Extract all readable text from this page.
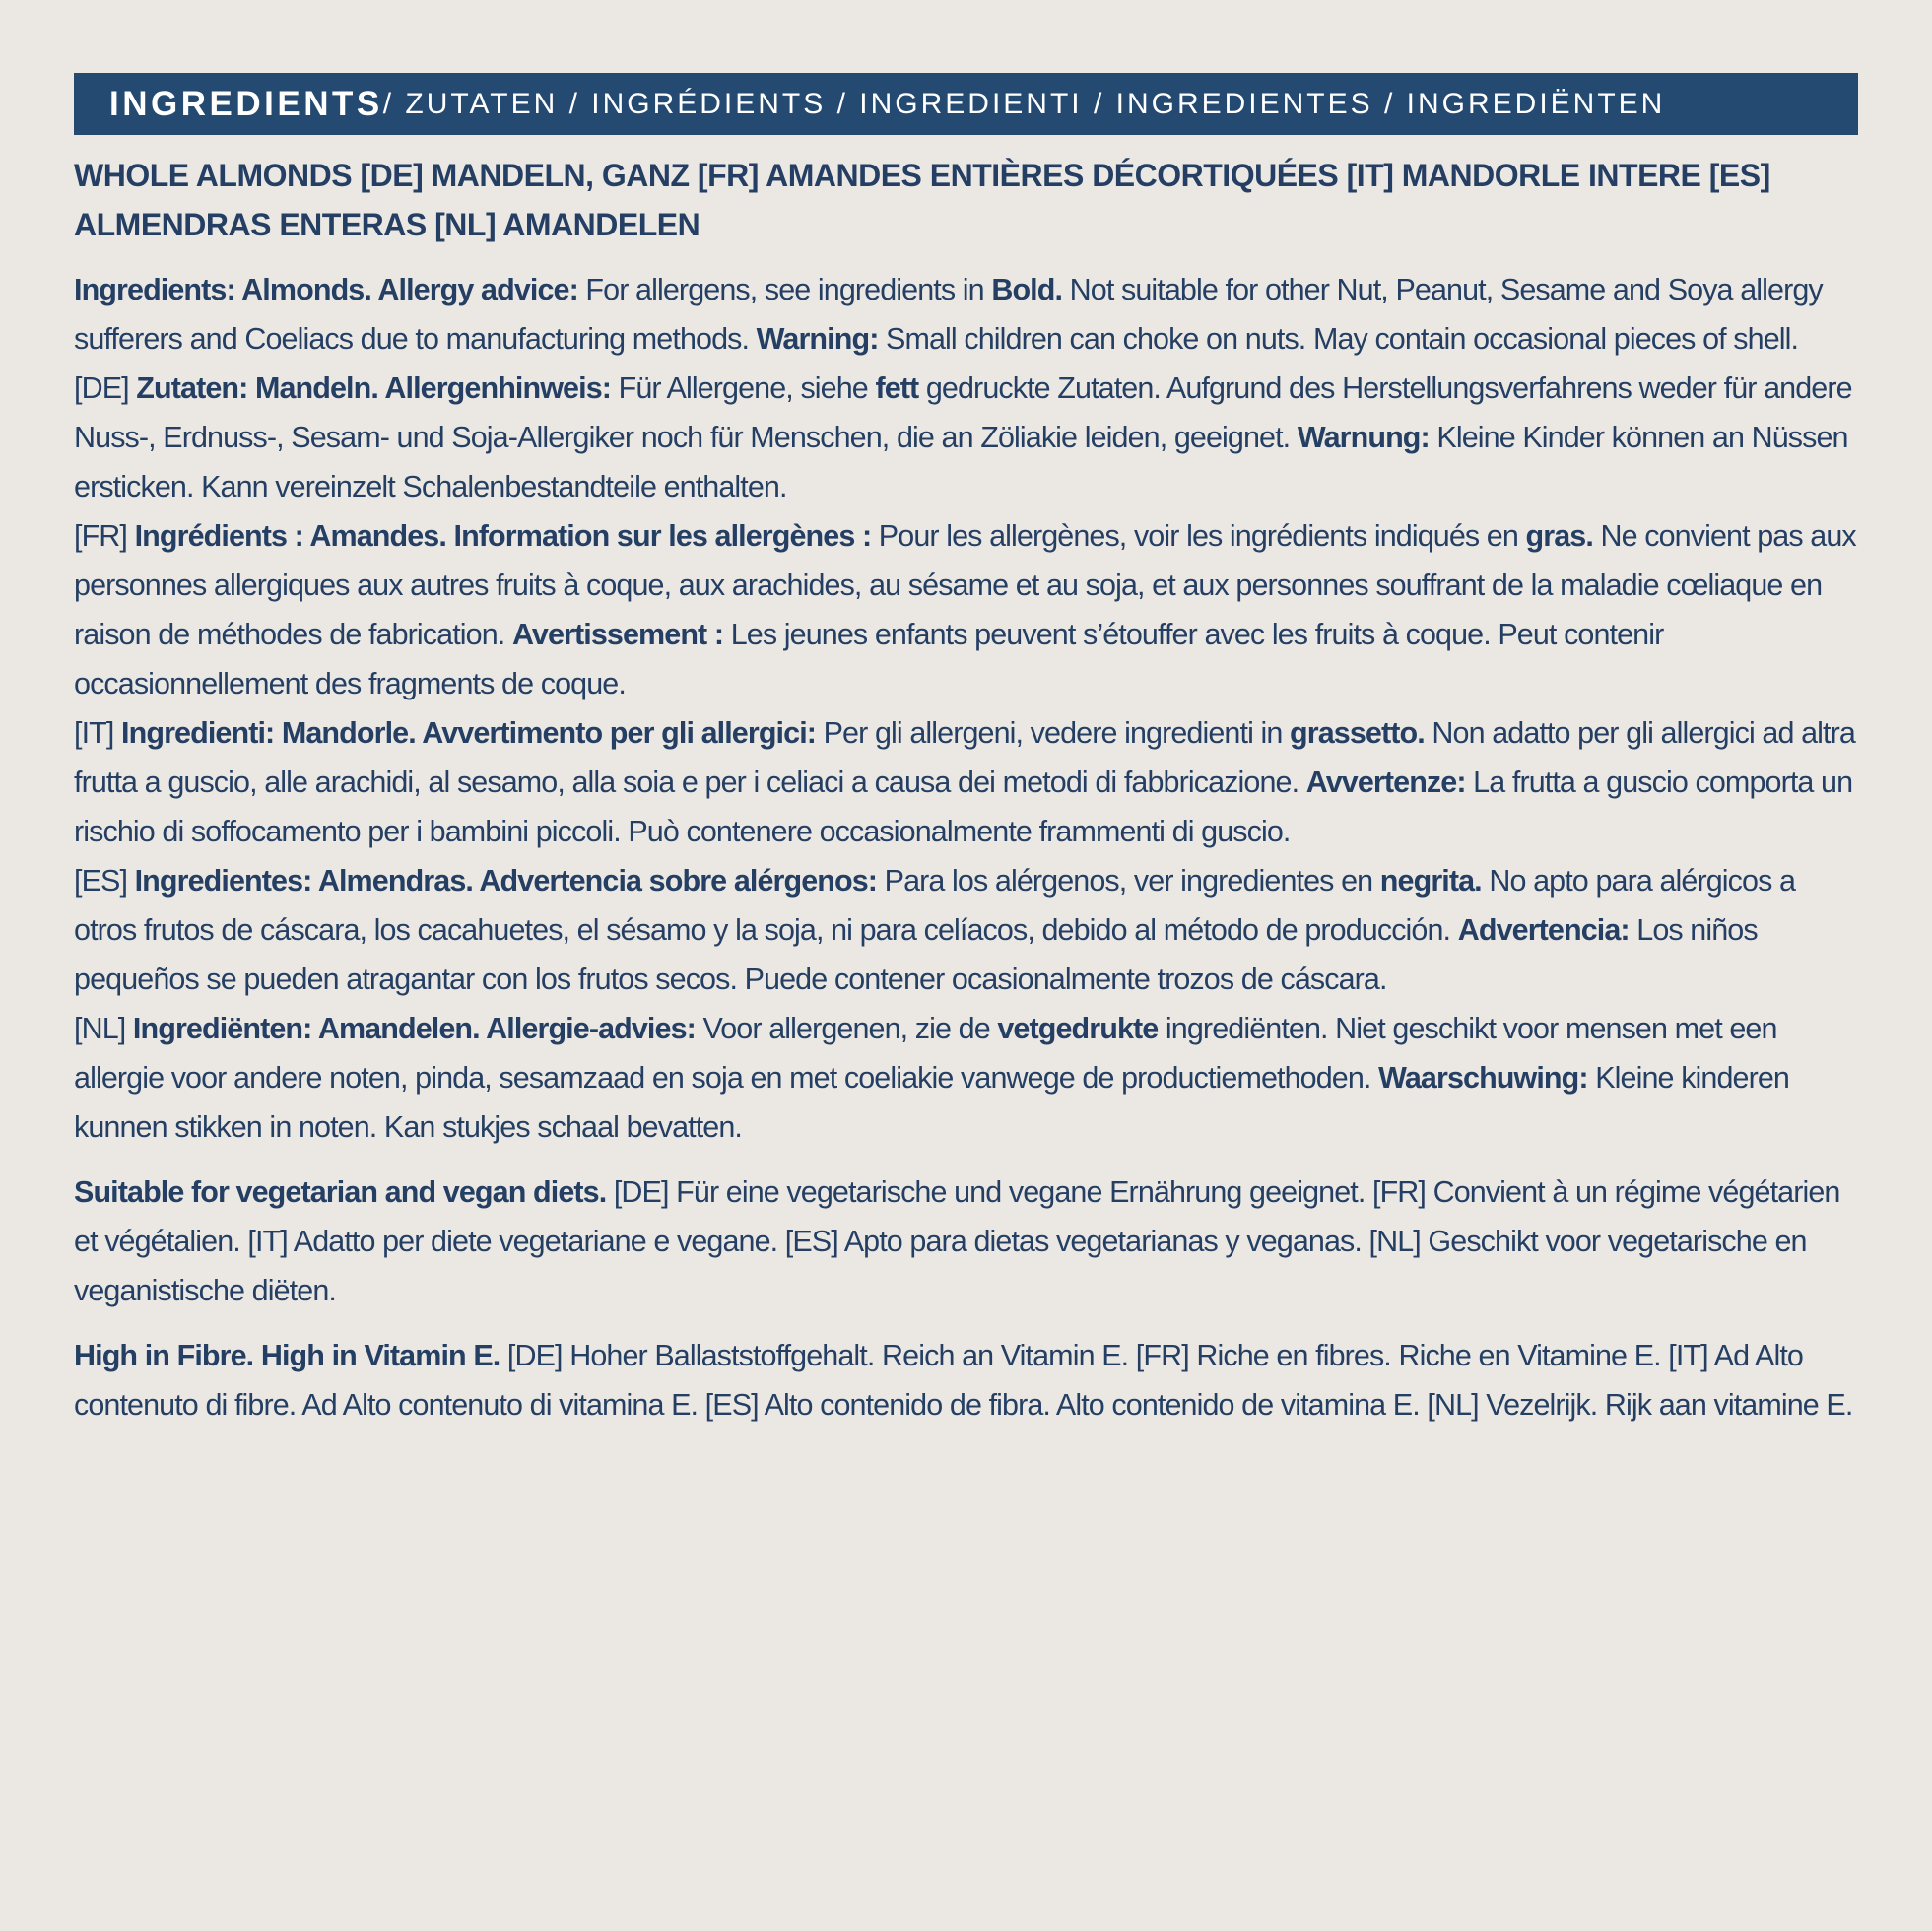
INGREDIENTS / ZUTATEN / INGRÉDIENTS / INGREDIENTI / INGREDIENTES / INGREDIËNTEN
WHOLE ALMONDS [DE] MANDELN, GANZ [FR] AMANDES ENTIÈRES DÉCORTIQUÉES [IT] MANDORLE INTERE [ES] ALMENDRAS ENTERAS [NL] AMANDELEN

Ingredients: Almonds. Allergy advice: For allergens, see ingredients in Bold. Not suitable for other Nut, Peanut, Sesame and Soya allergy sufferers and Coeliacs due to manufacturing methods. Warning: Small children can choke on nuts. May contain occasional pieces of shell.

[DE] Zutaten: Mandeln. Allergenhinweis: Für Allergene, siehe fett gedruckte Zutaten. Aufgrund des Herstellungsverfahrens weder für andere Nuss-, Erdnuss-, Sesam- und Soja-Allergiker noch für Menschen, die an Zöliakie leiden, geeignet. Warnung: Kleine Kinder können an Nüssen ersticken. Kann vereinzelt Schalenbestandteile enthalten.

[FR] Ingrédients : Amandes. Information sur les allergènes : Pour les allergènes, voir les ingrédients indiqués en gras. Ne convient pas aux personnes allergiques aux autres fruits à coque, aux arachides, au sésame et au soja, et aux personnes souffrant de la maladie cœliaque en raison de méthodes de fabrication. Avertissement : Les jeunes enfants peuvent s’étouffer avec les fruits à coque. Peut contenir occasionnellement des fragments de coque.

[IT] Ingredienti: Mandorle. Avvertimento per gli allergici: Per gli allergeni, vedere ingredienti in grassetto. Non adatto per gli allergici ad altra frutta a guscio, alle arachidi, al sesamo, alla soia e per i celiaci a causa dei metodi di fabbricazione. Avvertenze: La frutta a guscio comporta un rischio di soffocamento per i bambini piccoli. Può contenere occasionalmente frammenti di guscio.

[ES] Ingredientes: Almendras. Advertencia sobre alérgenos: Para los alérgenos, ver ingredientes en negrita. No apto para alérgicos a otros frutos de cáscara, los cacahuetes, el sésamo y la soja, ni para celíacos, debido al método de producción. Advertencia: Los niños pequeños se pueden atragantar con los frutos secos. Puede contener ocasionalmente trozos de cáscara.

[NL] Ingrediënten: Amandelen. Allergie-advies: Voor allergenen, zie de vetgedrukte ingrediënten. Niet geschikt voor mensen met een allergie voor andere noten, pinda, sesamzaad en soja en met coeliakie vanwege de productiemethoden. Waarschuwing: Kleine kinderen kunnen stikken in noten. Kan stukjes schaal bevatten.

Suitable for vegetarian and vegan diets. [DE] Für eine vegetarische und vegane Ernährung geeignet. [FR] Convient à un régime végétarien et végétalien. [IT] Adatto per diete vegetariane e vegane. [ES] Apto para dietas vegetarianas y veganas. [NL] Geschikt voor vegetarische en veganistische diëten.
High in Fibre. High in Vitamin E. [DE] Hoher Ballaststoffgehalt. Reich an Vitamin E. [FR] Riche en fibres. Riche en Vitamine E. [IT] Ad Alto contenuto di fibre. Ad Alto contenuto di vitamina E. [ES] Alto contenido de fibra. Alto contenido de vitamina E. [NL] Vezelrijk. Rijk aan vitamine E.
